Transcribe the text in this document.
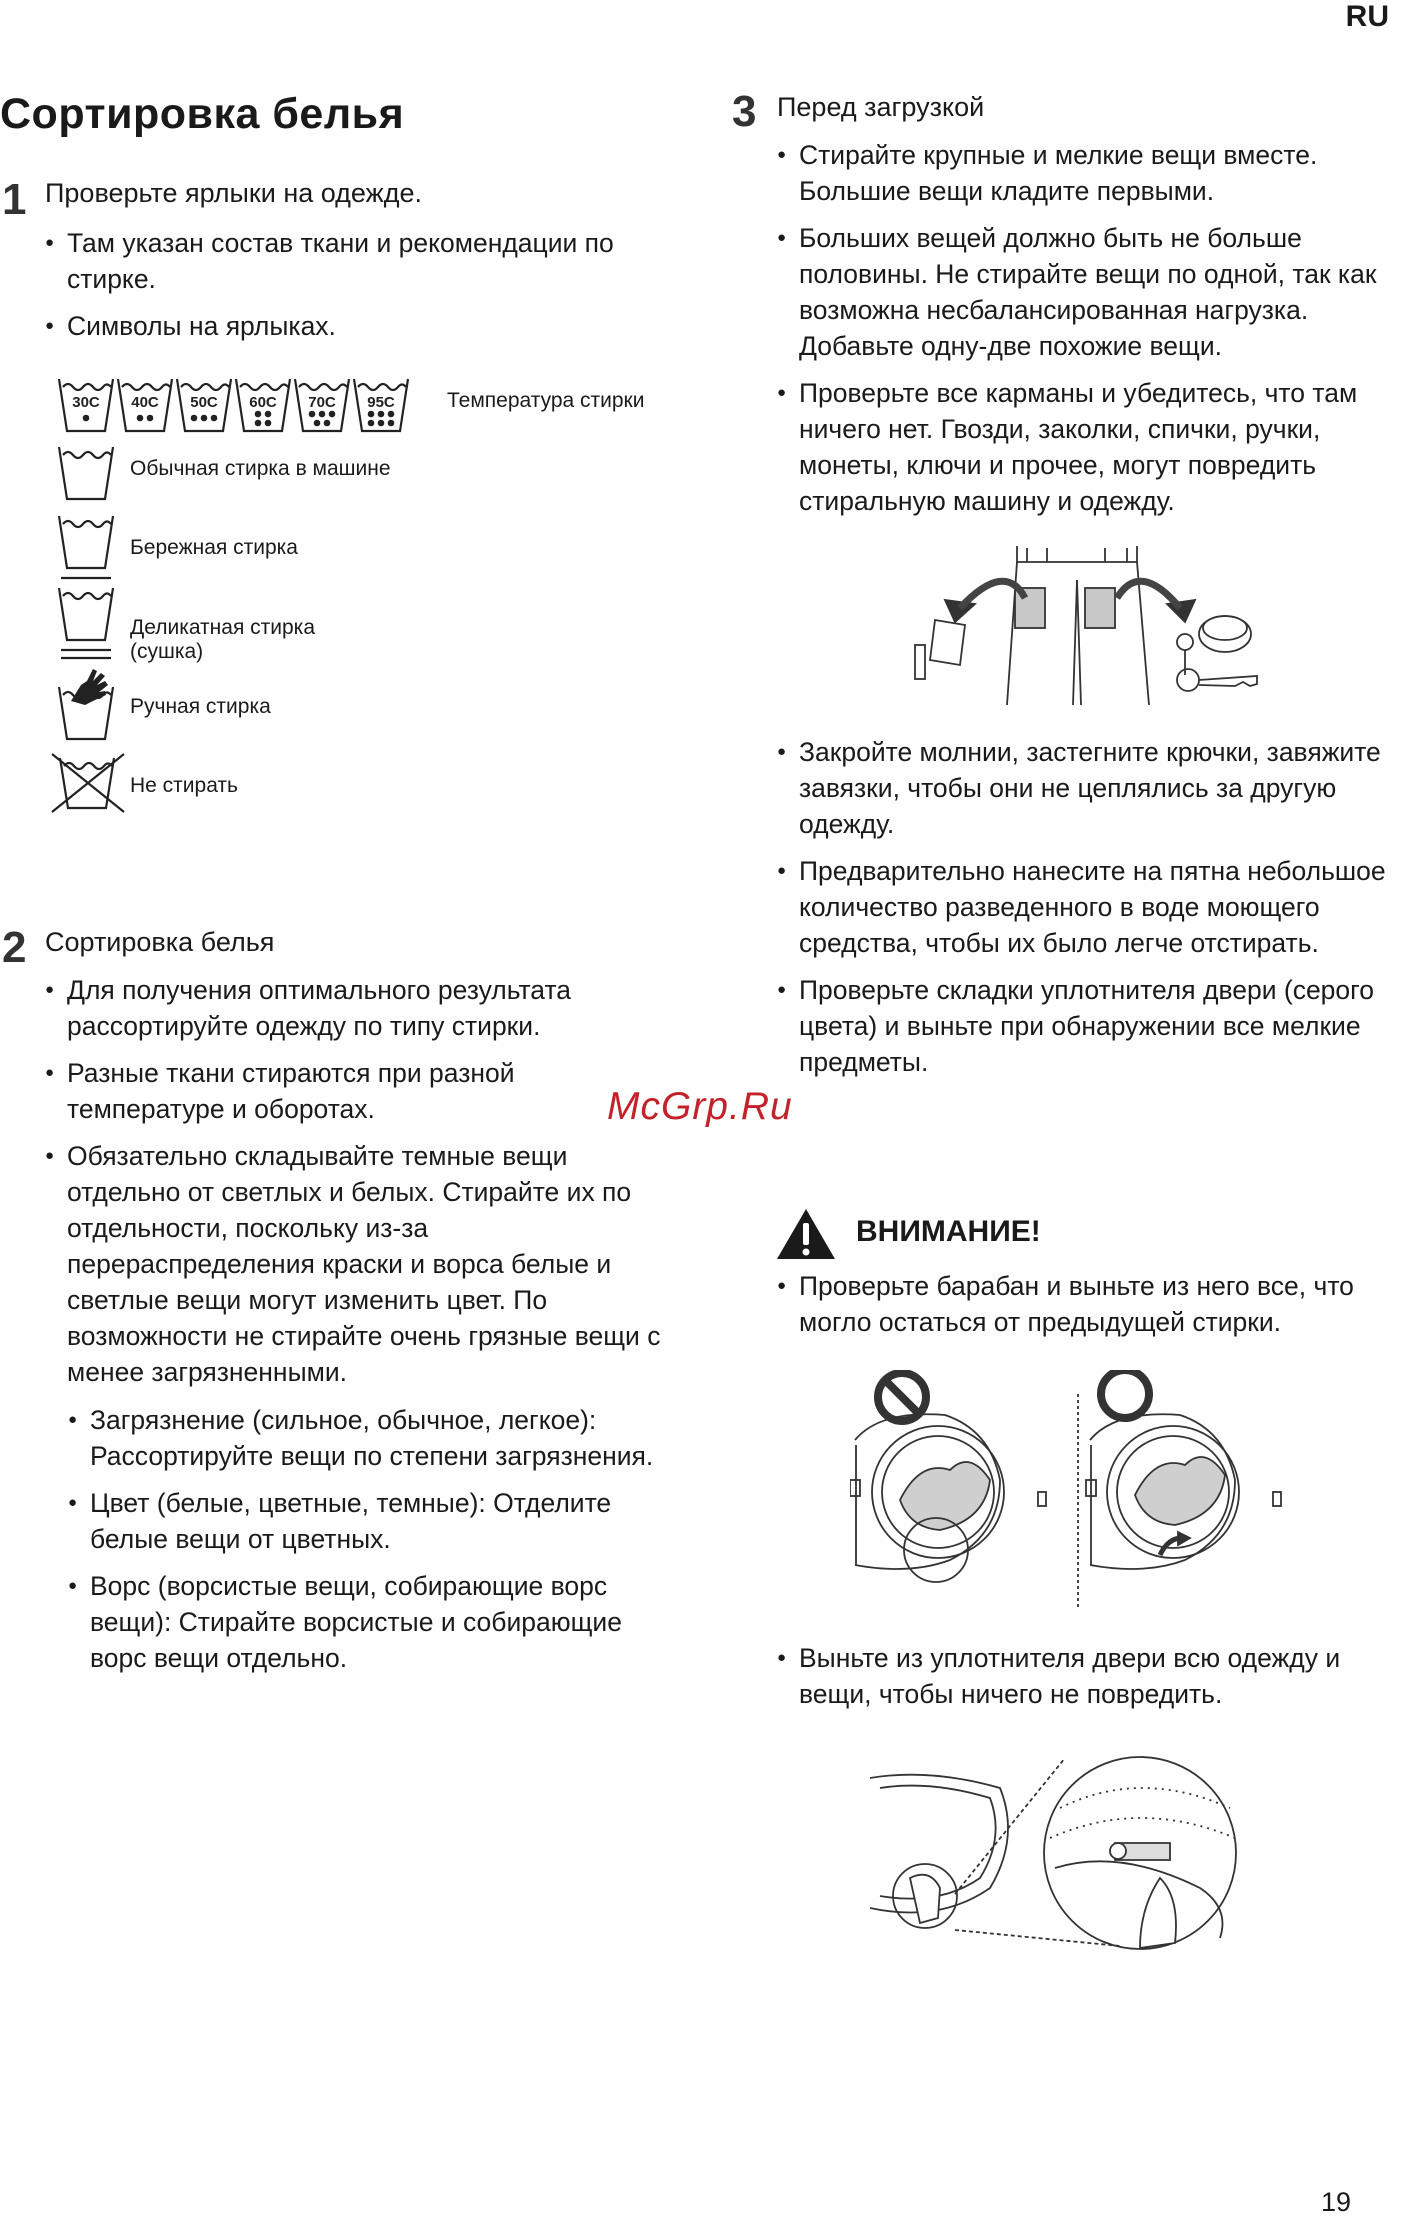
RU
Сортировка белья
1 Проверьте ярлыки на одежде.
● Там указан состав ткани и рекомендации по стирке.
● Символы на ярлыках.
30C 40C 50C 60C 70C 95C Температура стирки
Обычная стирка в машине
Бережная стирка
Деликатная стирка
(сушка)
Ручная стирка
Не стирать
2 Сортировка белья
● Для получения оптимального результата рассортируйте одежду по типу стирки.
● Разные ткани стираются при разной температуре и оборотах.
● Обязательно складывайте темные вещи отдельно от светлых и белых. Стирайте их по отдельности, поскольку из-за перераспределения краски и ворса белые и светлые вещи могут изменить цвет. По возможности не стирайте очень грязные вещи с менее загрязненными.
● Загрязнение (сильное, обычное, легкое): Рассортируйте вещи по степени загрязнения.
● Цвет (белые, цветные, темные): Отделите белые вещи от цветных.
● Ворс (ворсистые вещи, собирающие ворс вещи): Стирайте ворсистые и собирающие ворс вещи отдельно.
3 Перед загрузкой
● Стирайте крупные и мелкие вещи вместе. Большие вещи кладите первыми.
● Больших вещей должно быть не больше половины. Не стирайте вещи по одной, так как возможна несбалансированная нагрузка. Добавьте одну-две похожие вещи.
● Проверьте все карманы и убедитесь, что там ничего нет. Гвозди, заколки, спички, ручки, монеты, ключи и прочее, могут повредить стиральную машину и одежду.
● Закройте молнии, застегните крючки, завяжите завязки, чтобы они не цеплялись за другую одежду.
● Предварительно нанесите на пятна небольшое количество разведенного в воде моющего средства, чтобы их было легче отстирать.
● Проверьте складки уплотнителя двери (серого цвета) и выньте при обнаружении все мелкие предметы.
McGrp.Ru
ВНИМАНИЕ!
● Проверьте барабан и выньте из него все, что могло остаться от предыдущей стирки.
● Выньте из уплотнителя двери всю одежду и вещи, чтобы ничего не повредить.
19
